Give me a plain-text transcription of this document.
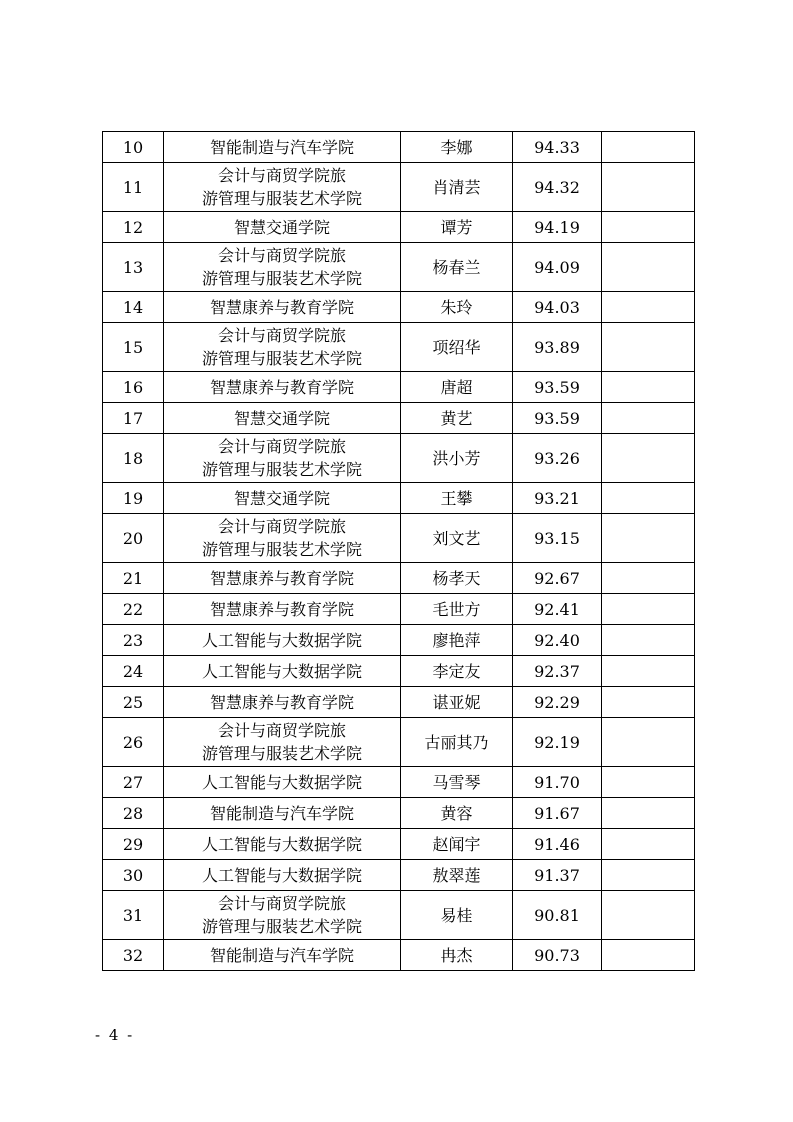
10	智能制造与汽车学院	李娜	94.33	
11	会计与商贸学院旅
游管理与服装艺术学院	肖清芸	94.32	
12	智慧交通学院	谭芳	94.19	
13	会计与商贸学院旅
游管理与服装艺术学院	杨春兰	94.09	
14	智慧康养与教育学院	朱玲	94.03	
15	会计与商贸学院旅
游管理与服装艺术学院	项绍华	93.89	
16	智慧康养与教育学院	唐超	93.59	
17	智慧交通学院	黄艺	93.59	
18	会计与商贸学院旅
游管理与服装艺术学院	洪小芳	93.26	
19	智慧交通学院	王攀	93.21	
20	会计与商贸学院旅
游管理与服装艺术学院	刘文艺	93.15	
21	智慧康养与教育学院	杨孝天	92.67	
22	智慧康养与教育学院	毛世方	92.41	
23	人工智能与大数据学院	廖艳萍	92.40	
24	人工智能与大数据学院	李定友	92.37	
25	智慧康养与教育学院	谌亚妮	92.29	
26	会计与商贸学院旅
游管理与服装艺术学院	古丽其乃	92.19	
27	人工智能与大数据学院	马雪琴	91.70	
28	智能制造与汽车学院	黄容	91.67	
29	人工智能与大数据学院	赵闻宇	91.46	
30	人工智能与大数据学院	敖翠莲	91.37	
31	会计与商贸学院旅
游管理与服装艺术学院	易桂	90.81	
32	智能制造与汽车学院	冉杰	90.73	
- 4 -
